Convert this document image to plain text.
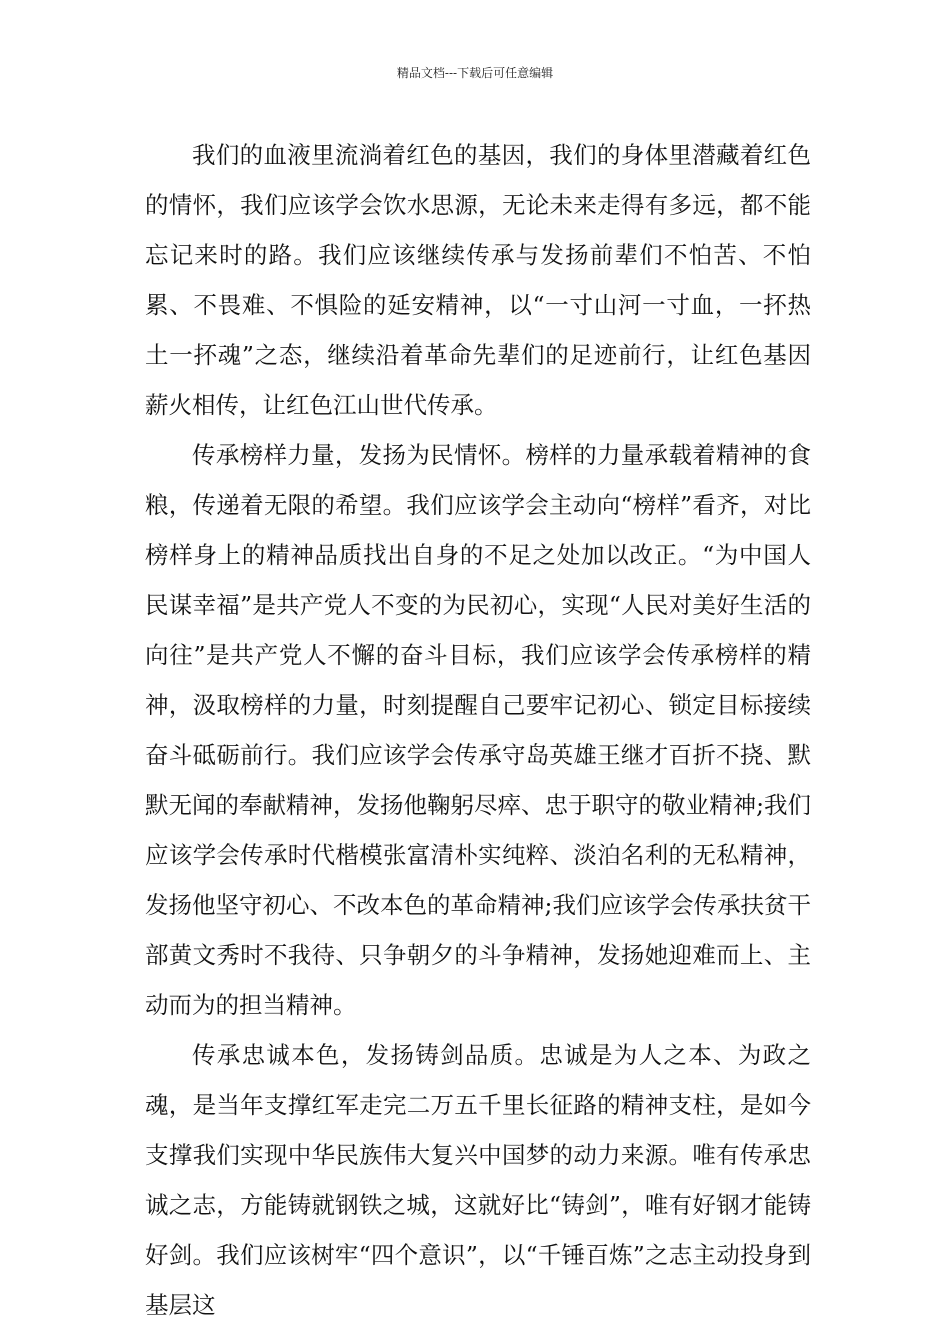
精品文档---下载后可任意编辑

我们的血液里流淌着红色的基因，我们的身体里潜藏着红色的情怀，我们应该学会饮水思源，无论未来走得有多远，都不能忘记来时的路。我们应该继续传承与发扬前辈们不怕苦、不怕累、不畏难、不惧险的延安精神，以“一寸山河一寸血，一抔热土一抔魂”之态，继续沿着革命先辈们的足迹前行，让红色基因薪火相传，让红色江山世代传承。

传承榜样力量，发扬为民情怀。榜样的力量承载着精神的食粮，传递着无限的希望。我们应该学会主动向“榜样”看齐，对比榜样身上的精神品质找出自身的不足之处加以改正。“为中国人民谋幸福”是共产党人不变的为民初心，实现“人民对美好生活的向往”是共产党人不懈的奋斗目标，我们应该学会传承榜样的精神，汲取榜样的力量，时刻提醒自己要牢记初心、锁定目标接续奋斗砥砺前行。我们应该学会传承守岛英雄王继才百折不挠、默默无闻的奉献精神，发扬他鞠躬尽瘁、忠于职守的敬业精神;我们应该学会传承时代楷模张富清朴实纯粹、淡泊名利的无私精神，发扬他坚守初心、不改本色的革命精神;我们应该学会传承扶贫干部黄文秀时不我待、只争朝夕的斗争精神，发扬她迎难而上、主动而为的担当精神。

传承忠诚本色，发扬铸剑品质。忠诚是为人之本、为政之魂，是当年支撑红军走完二万五千里长征路的精神支柱，是如今支撑我们实现中华民族伟大复兴中国梦的动力来源。唯有传承忠诚之志，方能铸就钢铁之城，这就好比“铸剑”，唯有好钢才能铸好剑。我们应该树牢“四个意识”，以“千锤百炼”之志主动投身到基层这
